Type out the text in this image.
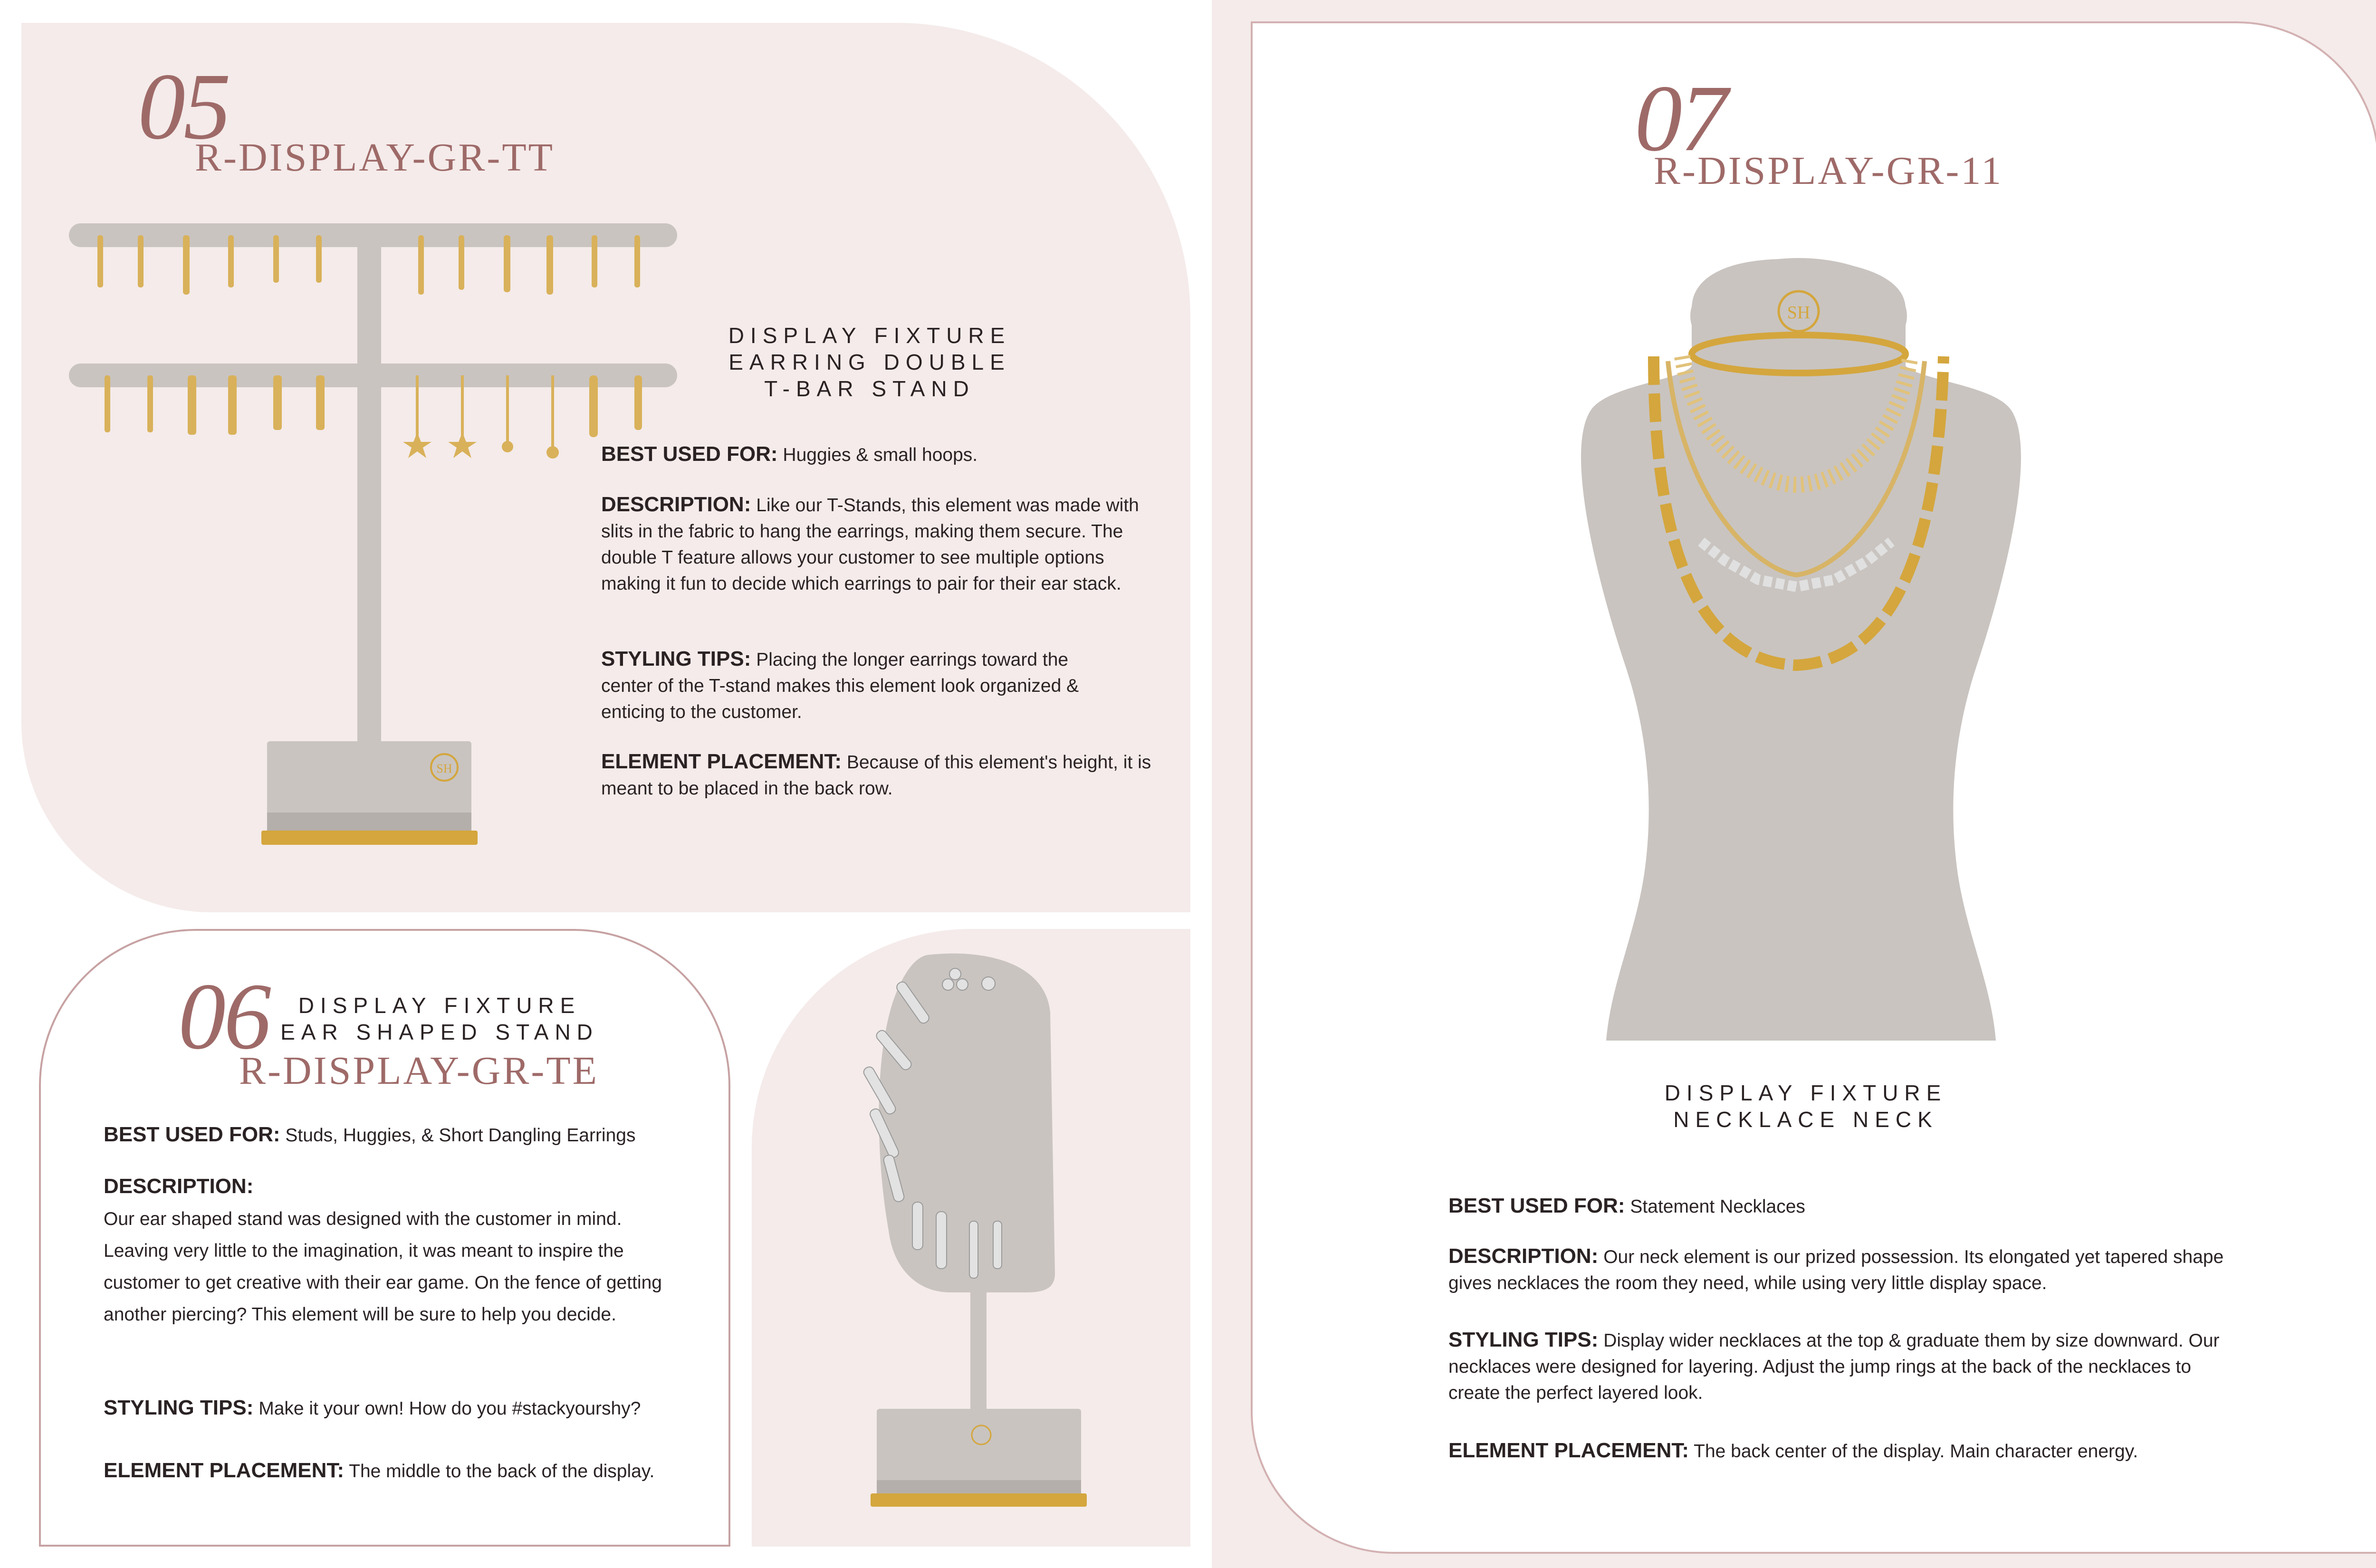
05
R-DISPLAY-GR-TT
SH
DISPLAY FIXTURE
EARRING DOUBLE
T-BAR STAND
BEST USED FOR: Huggies & small hoops.
DESCRIPTION: Like our T-Stands, this element was made with slits in the fabric to hang the earrings, making them secure. The double T feature allows your customer to see multiple options making it fun to decide which earrings to pair for their ear stack.
STYLING TIPS: Placing the longer earrings toward the center of the T-stand makes this element look organized & enticing to the customer.
ELEMENT PLACEMENT: Because of this element's height, it is meant to be placed in the back row.
06	DISPLAY FIXTURE
EAR SHAPED STAND
R-DISPLAY-GR-TE
BEST USED FOR: Studs, Huggies, & Short Dangling Earrings
DESCRIPTION:
Our ear shaped stand was designed with the customer in mind. Leaving very little to the imagination, it was meant to inspire the customer to get creative with their ear game. On the fence of getting another piercing? This element will be sure to help you decide.
STYLING TIPS: Make it your own! How do you #stackyourshy?
ELEMENT PLACEMENT: The middle to the back of the display.
07
R-DISPLAY-GR-11
SH
DISPLAY FIXTURE
NECKLACE NECK
BEST USED FOR: Statement Necklaces
DESCRIPTION: Our neck element is our prized possession. Its elongated yet tapered shape gives necklaces the room they need, while using very little display space.
STYLING TIPS: Display wider necklaces at the top & graduate them by size downward. Our necklaces were designed for layering. Adjust the jump rings at the back of the necklaces to create the perfect layered look.
ELEMENT PLACEMENT: The back center of the display. Main character energy.
